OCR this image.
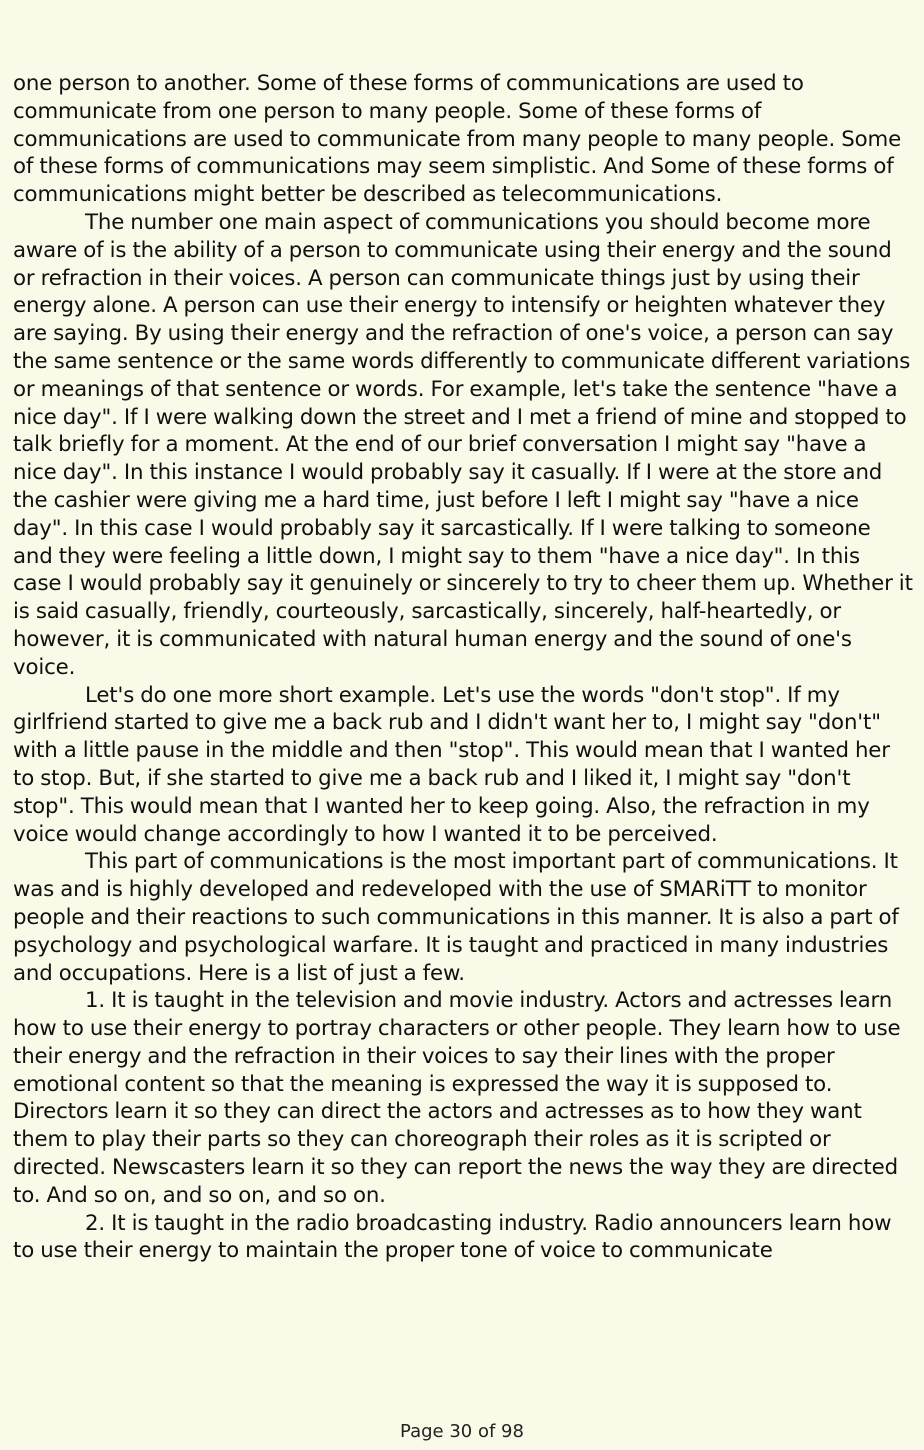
one person to another. Some of these forms of communications are used to communicate from one person to many people. Some of these forms of communications are used to communicate from many people to many people. Some of these forms of communications may seem simplistic. And Some of these forms of communications might better be described as telecommunications.

The number one main aspect of communications you should become more aware of is the ability of a person to communicate using their energy and the sound or refraction in their voices. A person can communicate things just by using their energy alone. A person can use their energy to intensify or heighten whatever they are saying. By using their energy and the refraction of one's voice, a person can say the same sentence or the same words differently to communicate different variations or meanings of that sentence or words. For example, let's take the sentence "have a nice day". If I were walking down the street and I met a friend of mine and stopped to talk briefly for a moment. At the end of our brief conversation I might say "have a nice day". In this instance I would probably say it casually. If I were at the store and the cashier were giving me a hard time, just before I left I might say "have a nice day". In this case I would probably say it sarcastically. If I were talking to someone and they were feeling a little down, I might say to them "have a nice day". In this case I would probably say it genuinely or sincerely to try to cheer them up. Whether it is said casually, friendly, courteously, sarcastically, sincerely, half-heartedly, or however, it is communicated with natural human energy and the sound of one's voice.

Let's do one more short example. Let's use the words "don't stop". If my girlfriend started to give me a back rub and I didn't want her to, I might say "don't" with a little pause in the middle and then "stop". This would mean that I wanted her to stop. But, if she started to give me a back rub and I liked it, I might say "don't stop". This would mean that I wanted her to keep going. Also, the refraction in my voice would change accordingly to how I wanted it to be perceived.

This part of communications is the most important part of communications. It was and is highly developed and redeveloped with the use of SMARiTT to monitor people and their reactions to such communications in this manner. It is also a part of psychology and psychological warfare. It is taught and practiced in many industries and occupations. Here is a list of just a few.

1. It is taught in the television and movie industry. Actors and actresses learn how to use their energy to portray characters or other people. They learn how to use their energy and the refraction in their voices to say their lines with the proper emotional content so that the meaning is expressed the way it is supposed to. Directors learn it so they can direct the actors and actresses as to how they want them to play their parts so they can choreograph their roles as it is scripted or directed. Newscasters learn it so they can report the news the way they are directed to. And so on, and so on, and so on.

2. It is taught in the radio broadcasting industry. Radio announcers learn how to use their energy to maintain the proper tone of voice to communicate

Page 30 of 98
